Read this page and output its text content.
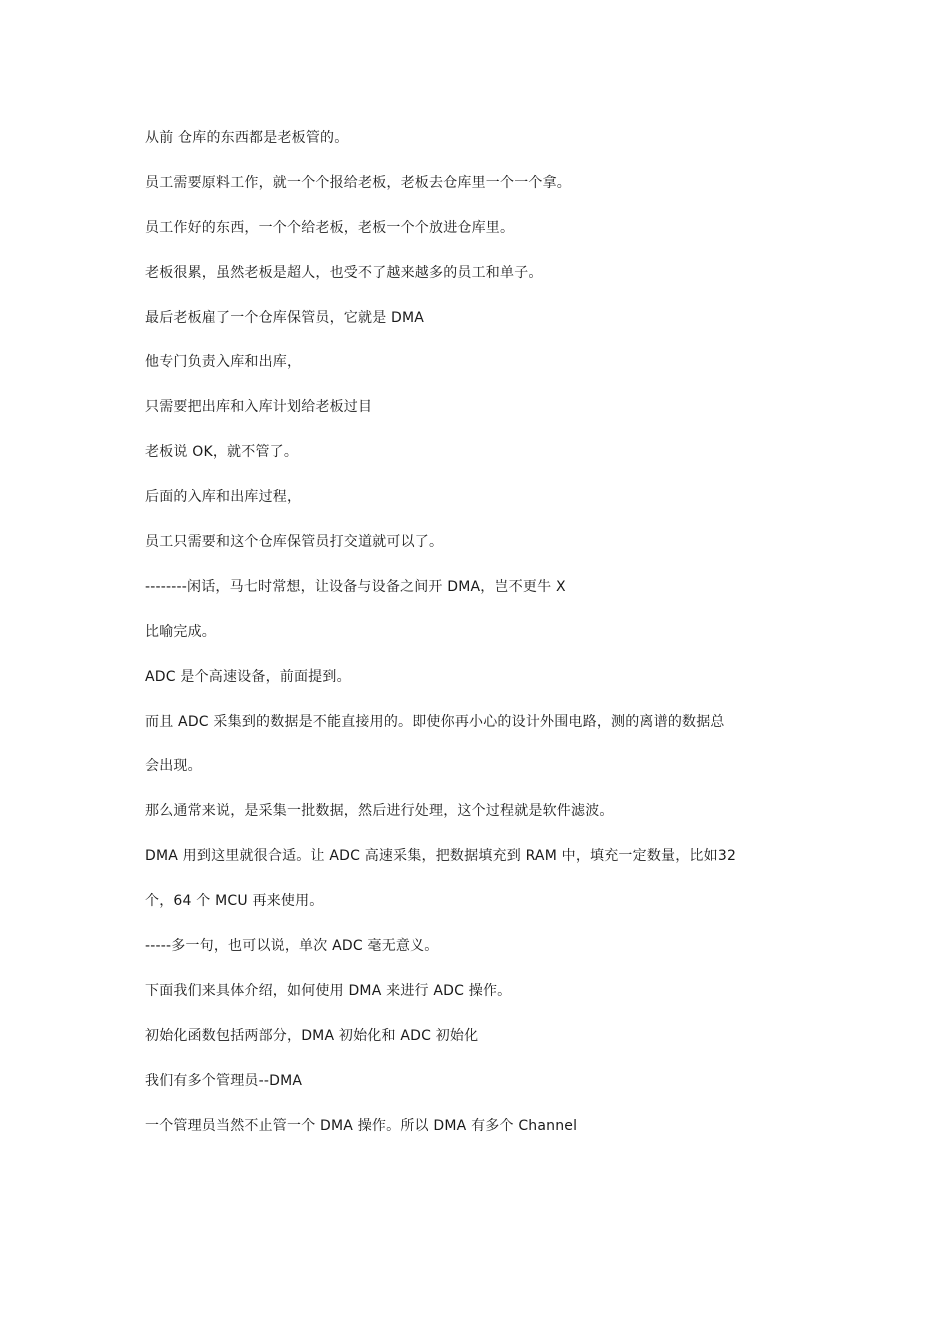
从前 仓库的东西都是老板管的。

员工需要原料工作，就一个个报给老板，老板去仓库里一个一个拿。

员工作好的东西，一个个给老板，老板一个个放进仓库里。

老板很累，虽然老板是超人，也受不了越来越多的员工和单子。

最后老板雇了一个仓库保管员，它就是 DMA

他专门负责入库和出库，

只需要把出库和入库计划给老板过目

老板说 OK，就不管了。

后面的入库和出库过程，

员工只需要和这个仓库保管员打交道就可以了。

--------闲话，马七时常想，让设备与设备之间开 DMA，岂不更牛 X

比喻完成。

ADC 是个高速设备，前面提到。

而且 ADC 采集到的数据是不能直接用的。即使你再小心的设计外围电路，测的离谱的数据总

会出现。

那么通常来说，是采集一批数据，然后进行处理，这个过程就是软件滤波。

DMA 用到这里就很合适。让 ADC 高速采集，把数据填充到 RAM 中，填充一定数量，比如32

个，64 个 MCU 再来使用。

-----多一句，也可以说，单次 ADC 毫无意义。

下面我们来具体介绍，如何使用 DMA 来进行 ADC 操作。

初始化函数包括两部分，DMA 初始化和 ADC 初始化

我们有多个管理员--DMA

一个管理员当然不止管一个 DMA 操作。所以 DMA 有多个 Channel
